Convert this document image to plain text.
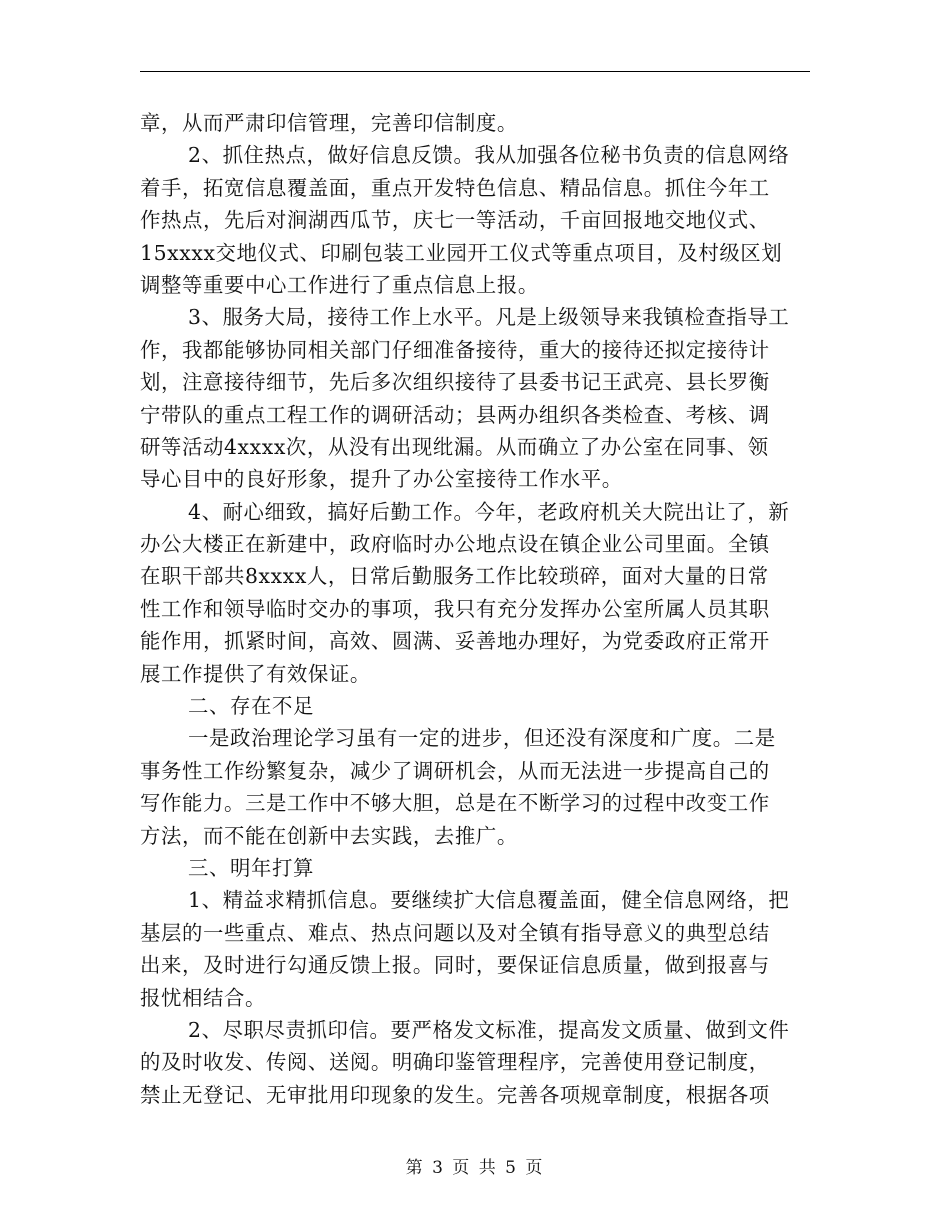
章，从而严肃印信管理，完善印信制度。
2、抓住热点，做好信息反馈。我从加强各位秘书负责的信息网络
着手，拓宽信息覆盖面，重点开发特色信息、精品信息。抓住今年工
作热点，先后对涧湖西瓜节，庆七一等活动，千亩回报地交地仪式、
15xxxx交地仪式、印刷包装工业园开工仪式等重点项目，及村级区划
调整等重要中心工作进行了重点信息上报。
3、服务大局，接待工作上水平。凡是上级领导来我镇检查指导工
作，我都能够协同相关部门仔细准备接待，重大的接待还拟定接待计
划，注意接待细节，先后多次组织接待了县委书记王武亮、县长罗衡
宁带队的重点工程工作的调研活动；县两办组织各类检查、考核、调
研等活动4xxxx次，从没有出现纰漏。从而确立了办公室在同事、领
导心目中的良好形象，提升了办公室接待工作水平。
4、耐心细致，搞好后勤工作。今年，老政府机关大院出让了，新
办公大楼正在新建中，政府临时办公地点设在镇企业公司里面。全镇
在职干部共8xxxx人，日常后勤服务工作比较琐碎，面对大量的日常
性工作和领导临时交办的事项，我只有充分发挥办公室所属人员其职
能作用，抓紧时间，高效、圆满、妥善地办理好，为党委政府正常开
展工作提供了有效保证。
二、存在不足
一是政治理论学习虽有一定的进步，但还没有深度和广度。二是
事务性工作纷繁复杂，减少了调研机会，从而无法进一步提高自己的
写作能力。三是工作中不够大胆，总是在不断学习的过程中改变工作
方法，而不能在创新中去实践，去推广。
三、明年打算
1、精益求精抓信息。要继续扩大信息覆盖面，健全信息网络，把
基层的一些重点、难点、热点问题以及对全镇有指导意义的典型总结
出来，及时进行勾通反馈上报。同时，要保证信息质量，做到报喜与
报忧相结合。
2、尽职尽责抓印信。要严格发文标准，提高发文质量、做到文件
的及时收发、传阅、送阅。明确印鉴管理程序，完善使用登记制度，
禁止无登记、无审批用印现象的发生。完善各项规章制度，根据各项
第 3 页 共 5 页
